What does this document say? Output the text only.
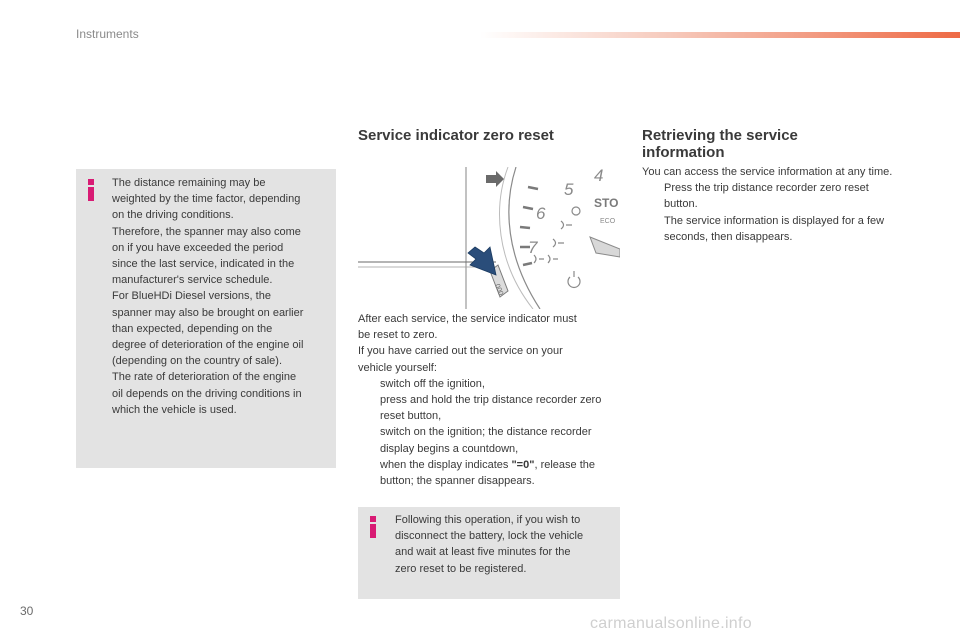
Instruments
The distance remaining may be
weighted by the time factor, depending
on the driving conditions.
Therefore, the spanner may also come
on if you have exceeded the period
since the last service, indicated in the
manufacturer's service schedule.
For BlueHDi Diesel versions, the
spanner may also be brought on earlier
than expected, depending on the
degree of deterioration of the engine oil
(depending on the country of sale).
The rate of deterioration of the engine
oil depends on the driving conditions in
which the vehicle is used.
Service indicator zero reset
5
4
6
7
STO
ECO
000

After each service, the service indicator must

be reset to zero.

If you have carried out the service on your

vehicle yourself:

switch off the ignition,
press and hold the trip distance recorder zero reset button,
switch on the ignition; the distance recorder display begins a countdown,
when the display indicates "=0", release the button; the spanner disappears.
Following this operation, if you wish to
disconnect the battery, lock the vehicle
and wait at least five minutes for the
zero reset to be registered.
Retrieving the service
information

You can access the service information at any time.

Press the trip distance recorder zero reset button.
The service information is displayed for a few seconds, then disappears.
30
carmanualsonline.info
